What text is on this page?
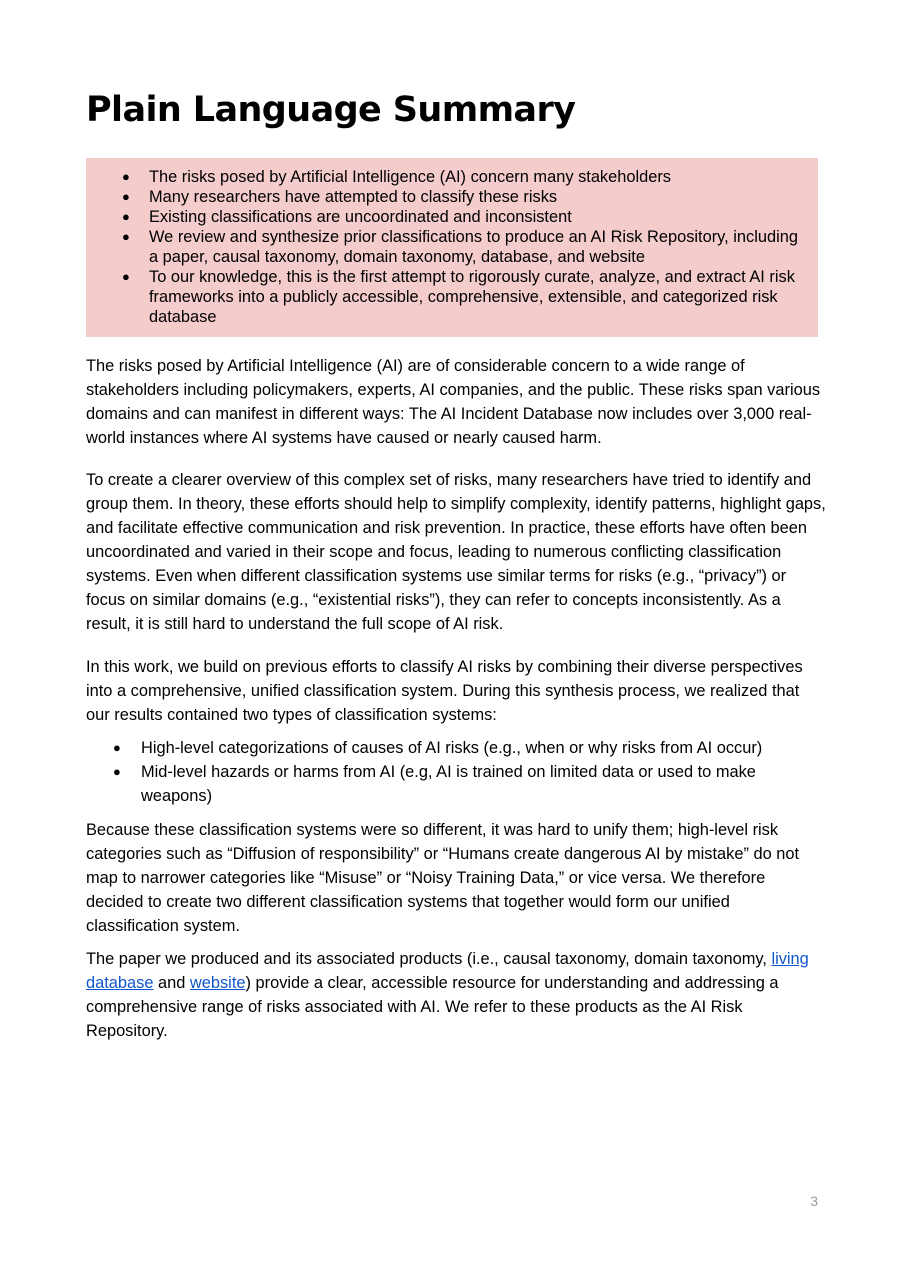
Plain Language Summary
● The risks posed by Artificial Intelligence (AI) concern many stakeholders
● Many researchers have attempted to classify these risks
● Existing classifications are uncoordinated and inconsistent
● We review and synthesize prior classifications to produce an AI Risk Repository, including a paper, causal taxonomy, domain taxonomy, database, and website
● To our knowledge, this is the first attempt to rigorously curate, analyze, and extract AI risk frameworks into a publicly accessible, comprehensive, extensible, and categorized risk database

The risks posed by Artificial Intelligence (AI) are of considerable concern to a wide range of stakeholders including policymakers, experts, AI companies, and the public. These risks span various domains and can manifest in different ways: The AI Incident Database now includes over 3,000 real-world instances where AI systems have caused or nearly caused harm.

To create a clearer overview of this complex set of risks, many researchers have tried to identify and group them. In theory, these efforts should help to simplify complexity, identify patterns, highlight gaps, and facilitate effective communication and risk prevention. In practice, these efforts have often been uncoordinated and varied in their scope and focus, leading to numerous conflicting classification systems. Even when different classification systems use similar terms for risks (e.g., “privacy”) or focus on similar domains (e.g., “existential risks”), they can refer to concepts inconsistently. As a result, it is still hard to understand the full scope of AI risk.

In this work, we build on previous efforts to classify AI risks by combining their diverse perspectives into a comprehensive, unified classification system. During this synthesis process, we realized that our results contained two types of classification systems:

● High-level categorizations of causes of AI risks (e.g., when or why risks from AI occur)
● Mid-level hazards or harms from AI (e.g, AI is trained on limited data or used to make weapons)

Because these classification systems were so different, it was hard to unify them; high-level risk categories such as “Diffusion of responsibility” or “Humans create dangerous AI by mistake” do not map to narrower categories like “Misuse” or “Noisy Training Data,” or vice versa. We therefore decided to create two different classification systems that together would form our unified classification system.

The paper we produced and its associated products (i.e., causal taxonomy, domain taxonomy, living database and website) provide a clear, accessible resource for understanding and addressing a comprehensive range of risks associated with AI. We refer to these products as the AI Risk Repository.

3
